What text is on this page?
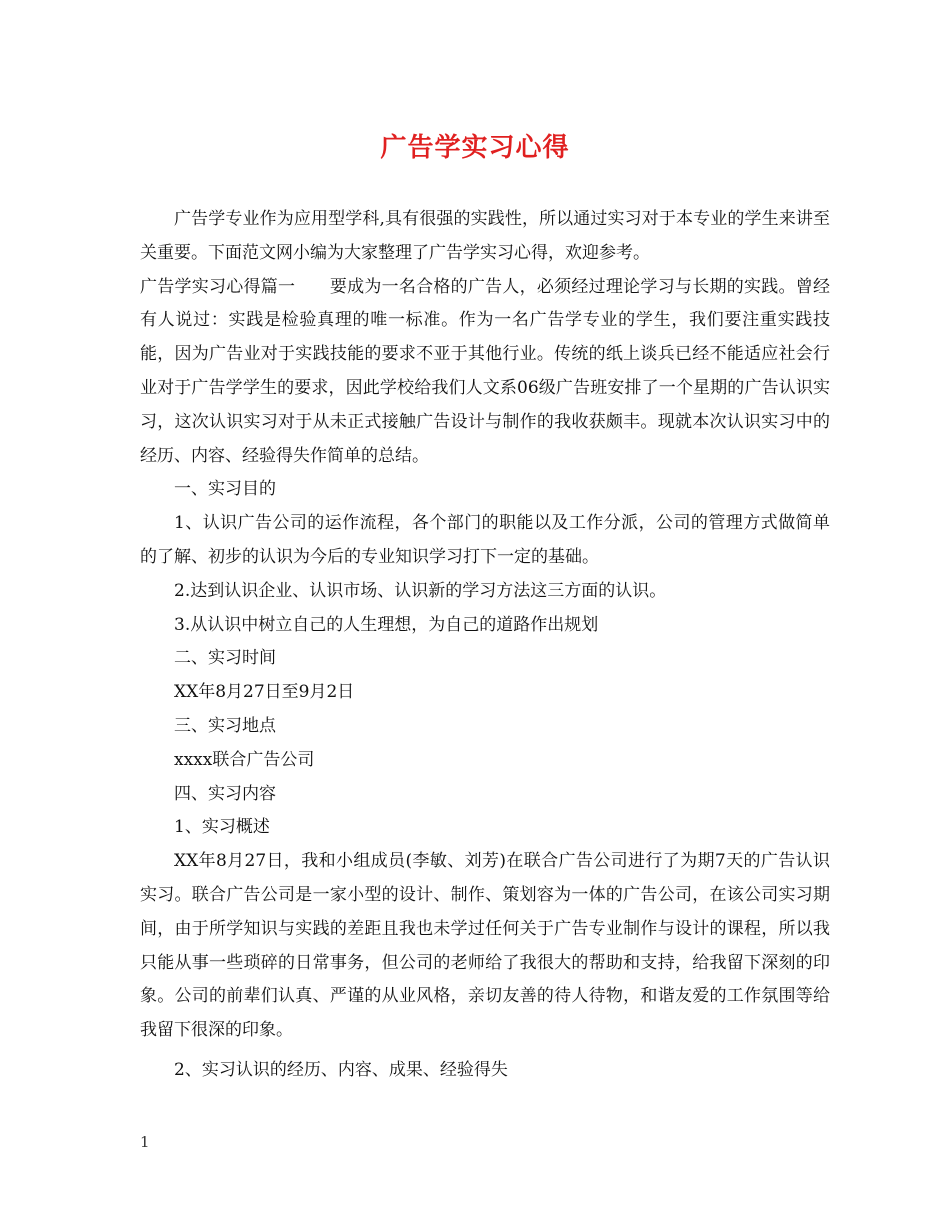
广告学实习心得

广告学专业作为应用型学科,具有很强的实践性，所以通过实习对于本专业的学生来讲至关重要。下面范文网小编为大家整理了广告学实习心得，欢迎参考。

广告学实习心得篇一　　要成为一名合格的广告人，必须经过理论学习与长期的实践。曾经有人说过：实践是检验真理的唯一标准。作为一名广告学专业的学生，我们要注重实践技能，因为广告业对于实践技能的要求不亚于其他行业。传统的纸上谈兵已经不能适应社会行业对于广告学学生的要求，因此学校给我们人文系06级广告班安排了一个星期的广告认识实习，这次认识实习对于从未正式接触广告设计与制作的我收获颇丰。现就本次认识实习中的经历、内容、经验得失作简单的总结。

一、实习目的

1、认识广告公司的运作流程，各个部门的职能以及工作分派，公司的管理方式做简单的了解、初步的认识为今后的专业知识学习打下一定的基础。

2.达到认识企业、认识市场、认识新的学习方法这三方面的认识。

3.从认识中树立自己的人生理想，为自己的道路作出规划

二、实习时间

XX年8月27日至9月2日

三、实习地点

xxxx联合广告公司

四、实习内容

1、实习概述

XX年8月27日，我和小组成员(李敏、刘芳)在联合广告公司进行了为期7天的广告认识实习。联合广告公司是一家小型的设计、制作、策划容为一体的广告公司，在该公司实习期间，由于所学知识与实践的差距且我也未学过任何关于广告专业制作与设计的课程，所以我只能从事一些琐碎的日常事务，但公司的老师给了我很大的帮助和支持，给我留下深刻的印象。公司的前辈们认真、严谨的从业风格，亲切友善的待人待物，和谐友爱的工作氛围等给我留下很深的印象。

2、实习认识的经历、内容、成果、经验得失

1
